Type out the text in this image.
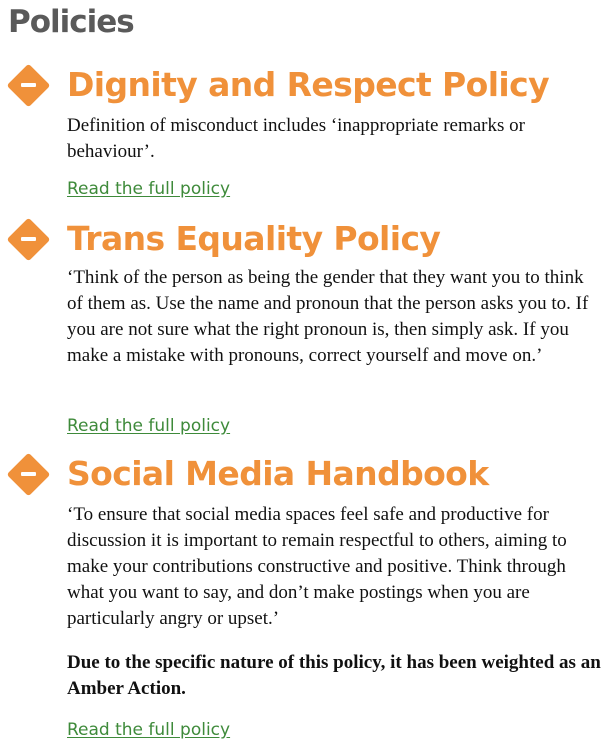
Policies
Dignity and Respect Policy

Definition of misconduct includes ‘inappropriate remarks or behaviour’.

Read the full policy
Trans Equality Policy

‘Think of the person as being the gender that they want you to think of them as. Use the name and pronoun that the person asks you to. If you are not sure what the right pronoun is, then simply ask. If you make a mistake with pronouns, correct yourself and move on.’

Read the full policy
Social Media Handbook

‘To ensure that social media spaces feel safe and productive for discussion it is important to remain respectful to others, aiming to make your contributions constructive and positive. Think through what you want to say, and don’t make postings when you are particularly angry or upset.’

Due to the specific nature of this policy, it has been weighted as an Amber Action.

Read the full policy
